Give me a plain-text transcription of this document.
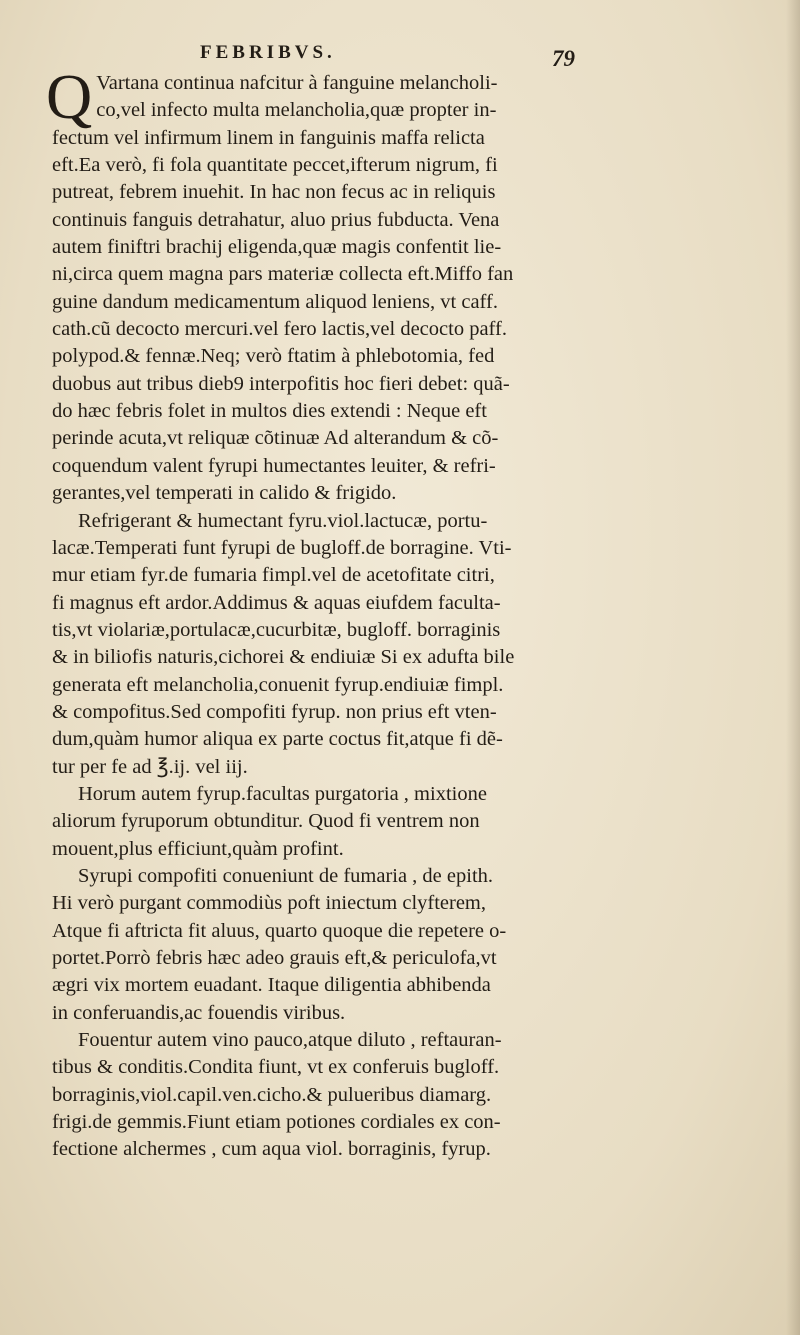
FEBRIBVS.	79
Q Vartana continua nafcitur à fanguine melancholi-
co,vel infecto multa melancholia,quæ propter in-
fectum vel infirmum linem in fanguinis maffa relicta
eft.Ea verò, fi fola quantitate peccet,ifterum nigrum, fi
putreat, febrem inuehit. In hac non fecus ac in reliquis
continuis fanguis detrahatur, aluo prius fubducta. Vena
autem finiftri brachij eligenda,quæ magis confentit lie-
ni,circa quem magna pars materiæ collecta eft.Miffo fan
guine dandum medicamentum aliquod leniens, vt caff.
cath.cũ decocto mercuri.vel fero lactis,vel decocto paff.
polypod.& fennæ.Neq; verò ftatim à phlebotomia, fed
duobus aut tribus dieb9 interpofitis hoc fieri debet: quã-
do hæc febris folet in multos dies extendi : Neque eft
perinde acuta,vt reliquæ cõtinuæ Ad alterandum & cõ-
coquendum valent fyrupi humectantes leuiter, & refri-
gerantes,vel temperati in calido & frigido.
Refrigerant & humectant fyru.viol.lactucæ, portu-
lacæ.Temperati funt fyrupi de bugloff.de borragine. Vti-
mur etiam fyr.de fumaria fimpl.vel de acetofitate citri,
fi magnus eft ardor.Addimus & aquas eiufdem faculta-
tis,vt violariæ,portulacæ,cucurbitæ, bugloff. borraginis
& in biliofis naturis,cichorei & endiuiæ Si ex adufta bile
generata eft melancholia,conuenit fyrup.endiuiæ fimpl.
& compofitus.Sed compofiti fyrup. non prius eft vten-
dum,quàm humor aliqua ex parte coctus fit,atque fi dẽ-
tur per fe ad ℥.ij. vel iij.
Horum autem fyrup.facultas purgatoria , mixtione
aliorum fyruporum obtunditur. Quod fi ventrem non
mouent,plus efficiunt,quàm profint.
Syrupi compofiti conueniunt de fumaria , de epith.
Hi verò purgant commodiùs poft iniectum clyfterem,
Atque fi aftricta fit aluus, quarto quoque die repetere o-
portet.Porrò febris hæc adeo grauis eft,& periculofa,vt
ægri vix mortem euadant. Itaque diligentia abhibenda
in conferuandis,ac fouendis viribus.
Fouentur autem vino pauco,atque diluto , reftauran-
tibus & conditis.Condita fiunt, vt ex conferuis bugloff.
borraginis,viol.capil.ven.cicho.& pulueribus diamarg.
frigi.de gemmis.Fiunt etiam potiones cordiales ex con-
fectione alchermes , cum aqua viol. borraginis, fyrup.
